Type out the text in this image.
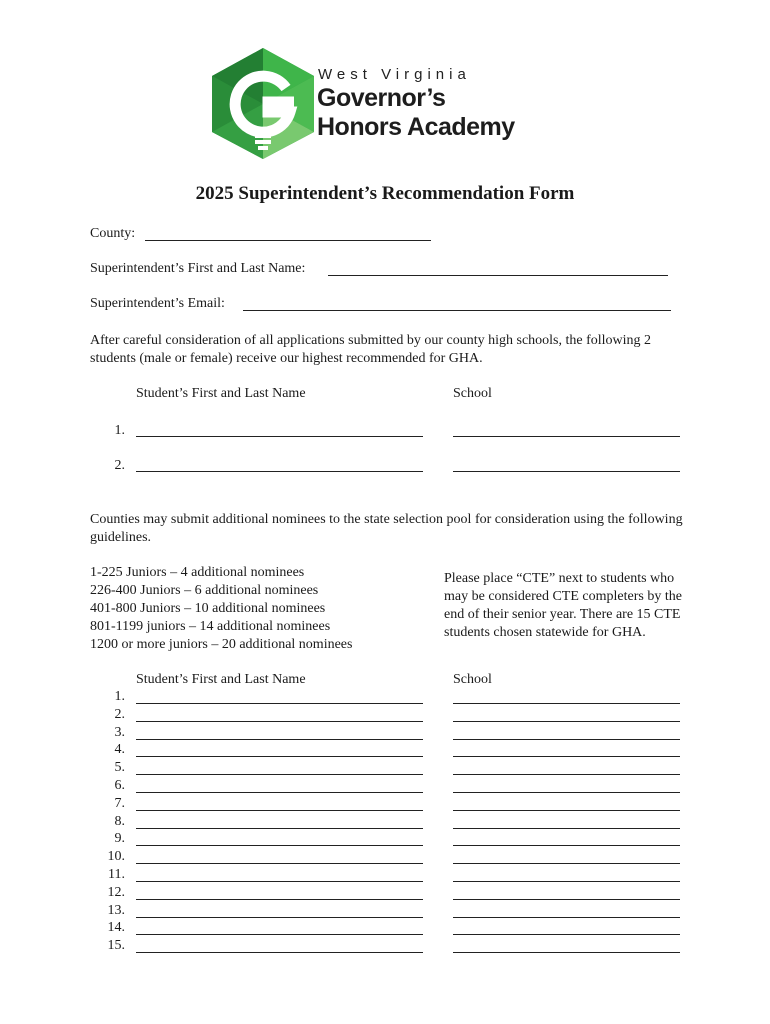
West Virginia
Governor’s
Honors Academy
2025 Superintendent’s Recommendation Form
County:
Superintendent’s First and Last Name:
Superintendent’s Email:
After careful consideration of all applications submitted by our county high schools, the following 2 students (male or female) receive our highest recommended for GHA.
Student’s First and Last Name	School
1.
2.
Counties may submit additional nominees to the state selection pool for consideration using the following guidelines.
1-225 Juniors – 4 additional nominees
226-400 Juniors – 6 additional nominees
401-800 Juniors – 10 additional nominees
801-1199 juniors – 14 additional nominees
1200 or more juniors – 20 additional nominees
Please place “CTE” next to students who may be considered CTE completers by the end of their senior year. There are 15 CTE students chosen statewide for GHA.
Student’s First and Last Name	School
1.
2.
3.
4.
5.
6.
7.
8.
9.
10.
11.
12.
13.
14.
15.
